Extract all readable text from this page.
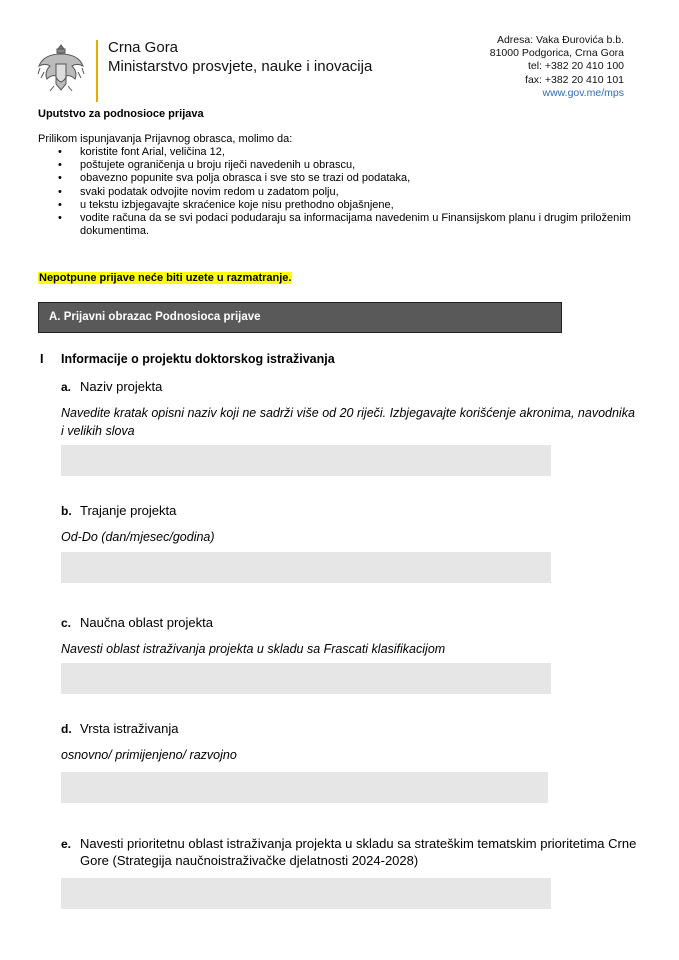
Crna Gora
Ministarstvo prosvjete, nauke i inovacija
Adresa: Vaka Đurovića b.b.
81000 Podgorica, Crna Gora
tel: +382 20 410 100
fax: +382 20 410 101
www.gov.me/mps
Uputstvo za podnosioce prijava
Prilikom ispunjavanja Prijavnog obrasca, molimo da:
• koristite font Arial, veličina 12,
• poštujete ograničenja u broju riječi navedenih u obrascu,
• obavezno popunite sva polja obrasca i sve sto se trazi od podataka,
• svaki podatak odvojite novim redom u zadatom polju,
• u tekstu izbjegavajte skraćenice koje nisu prethodno objašnjene,
• vodite računa da se svi podaci podudaraju sa informacijama navedenim u Finansijskom planu i drugim priloženim dokumentima.
Nepotpune prijave neće biti uzete u razmatranje.
A. Prijavni obrazac Podnosioca prijave
I Informacije o projektu doktorskog istraživanja
a. Naziv projekta
Navedite kratak opisni naziv koji ne sadrži više od 20 riječi. Izbjegavajte korišćenje akronima, navodnika i velikih slova
b. Trajanje projekta
Od-Do (dan/mjesec/godina)
c. Naučna oblast projekta
Navesti oblast istraživanja projekta u skladu sa Frascati klasifikacijom
d. Vrsta istraživanja
osnovno/ primijenjeno/ razvojno
e. Navesti prioritetnu oblast istraživanja projekta u skladu sa strateškim tematskim prioritetima Crne Gore (Strategija naučnoistraživačke djelatnosti 2024-2028)
